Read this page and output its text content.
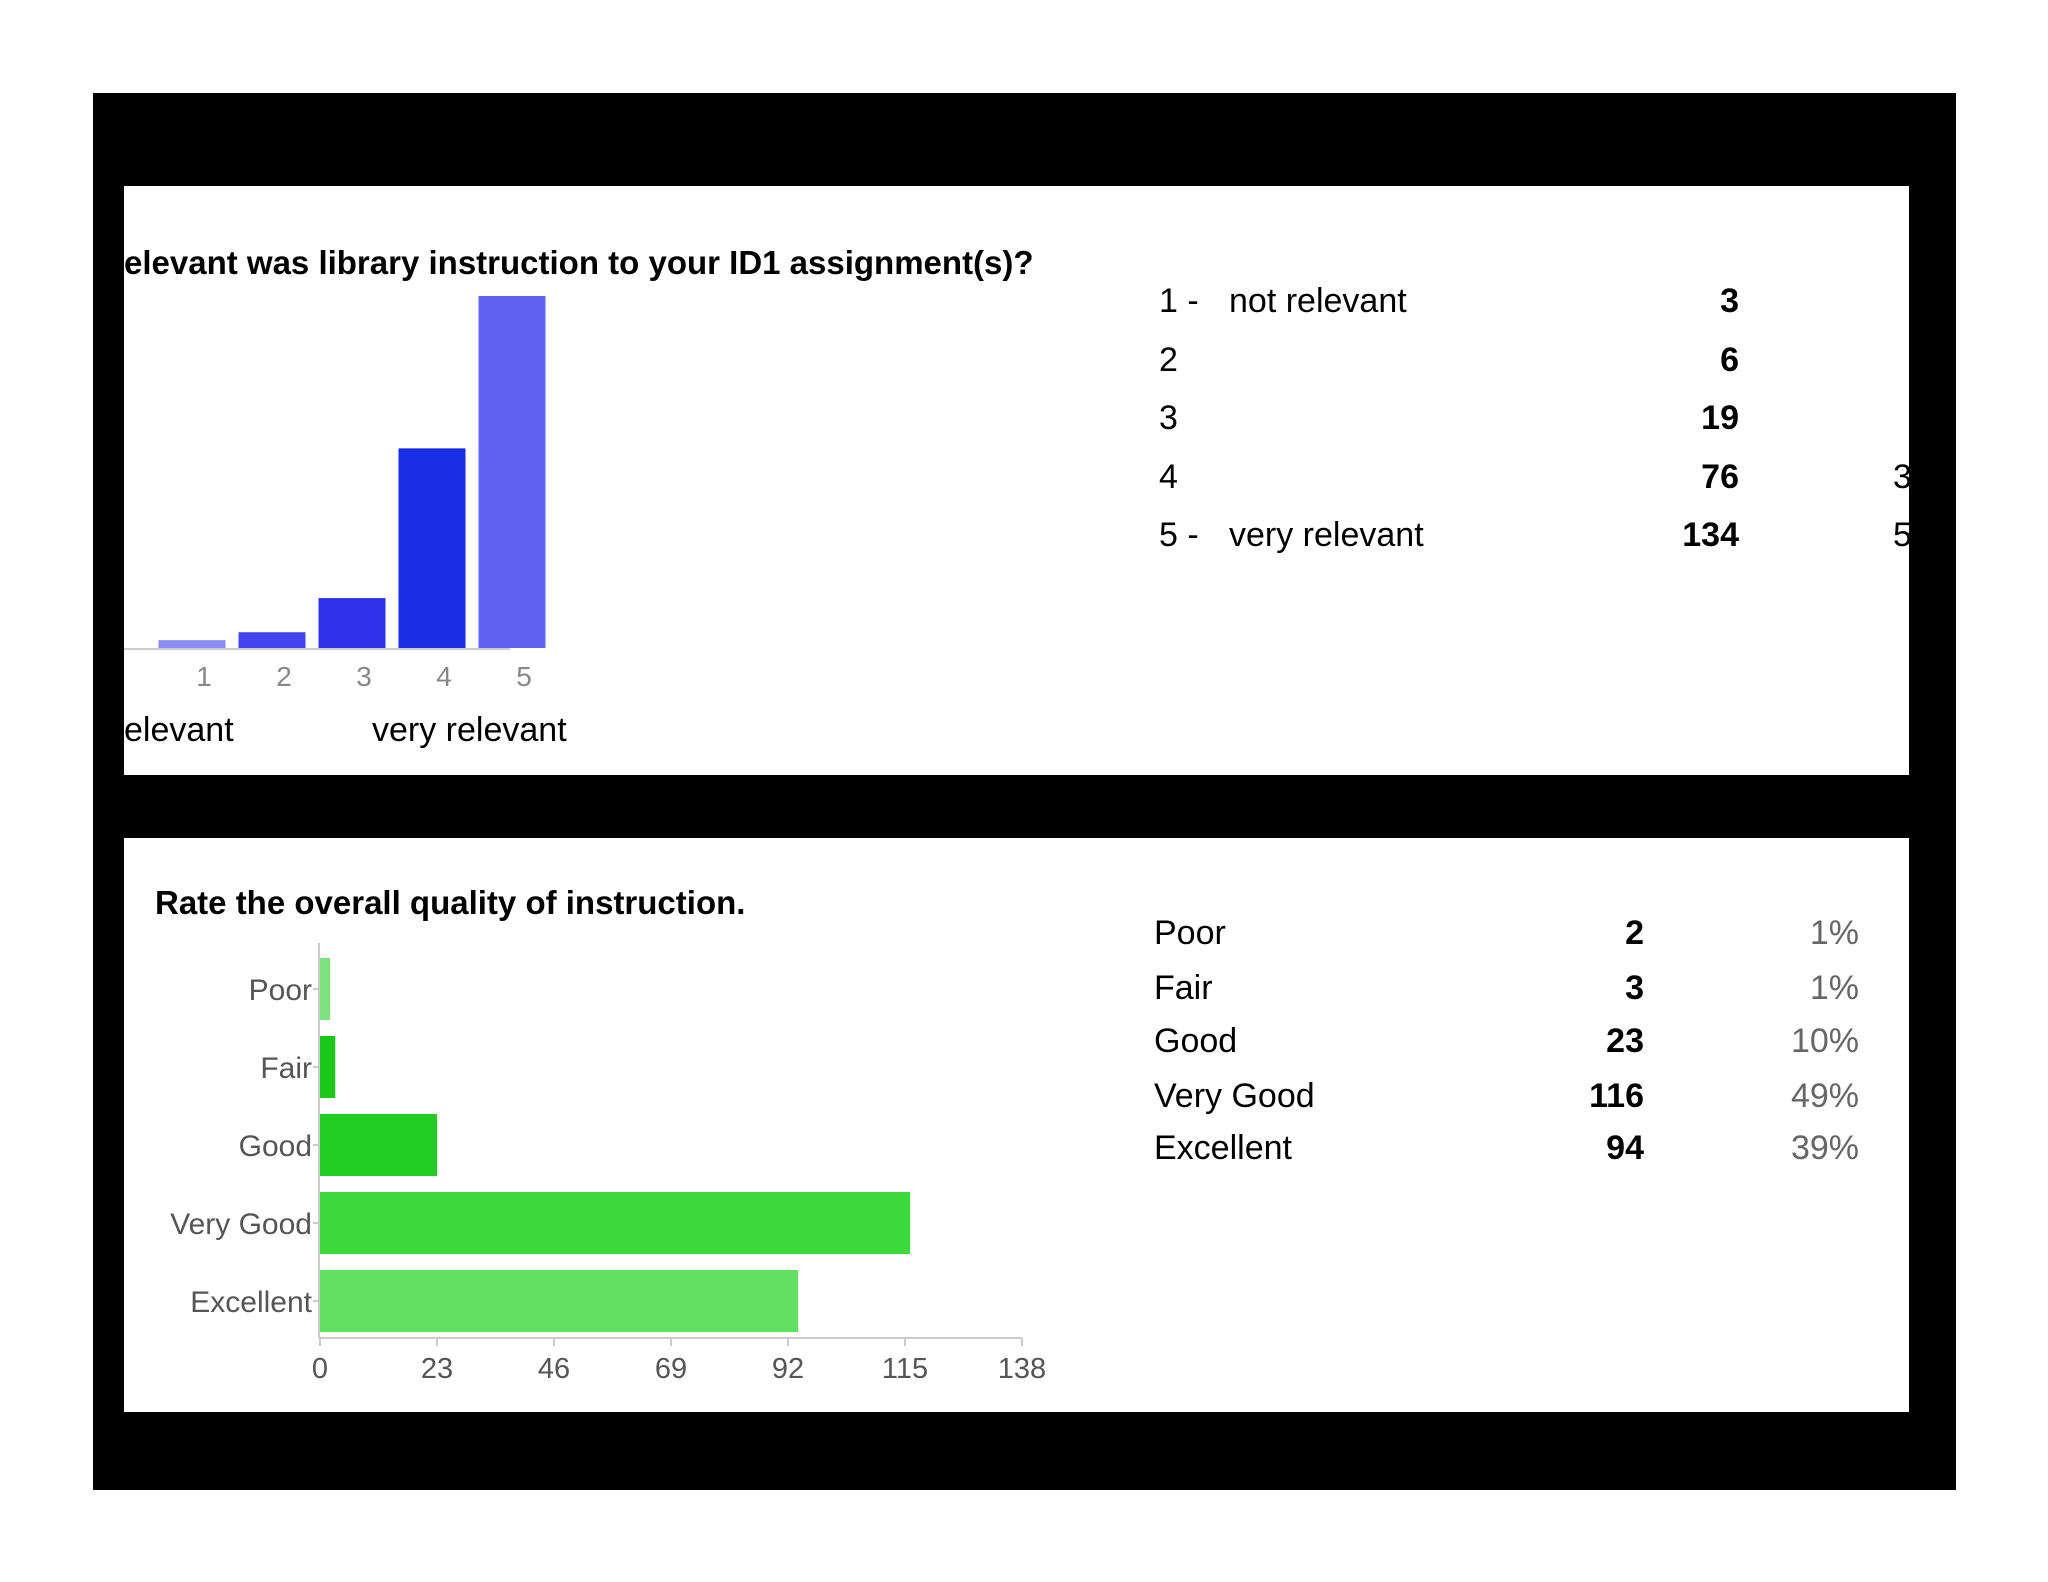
elevant was library instruction to your ID1 assignment(s)?
1 2 3 4 5
elevant	very relevant
1 - not relevant	3
2	6
3	19
4	76	3
5 - very relevant	134	5
Rate the overall quality of instruction.
Poor
Fair
Good
Very Good
Excellent
0	23	46	69	92	115 138
Poor	2	1%
Fair	3	1%
Good	23	10%
Very Good	116	49%
Excellent	94	39%
